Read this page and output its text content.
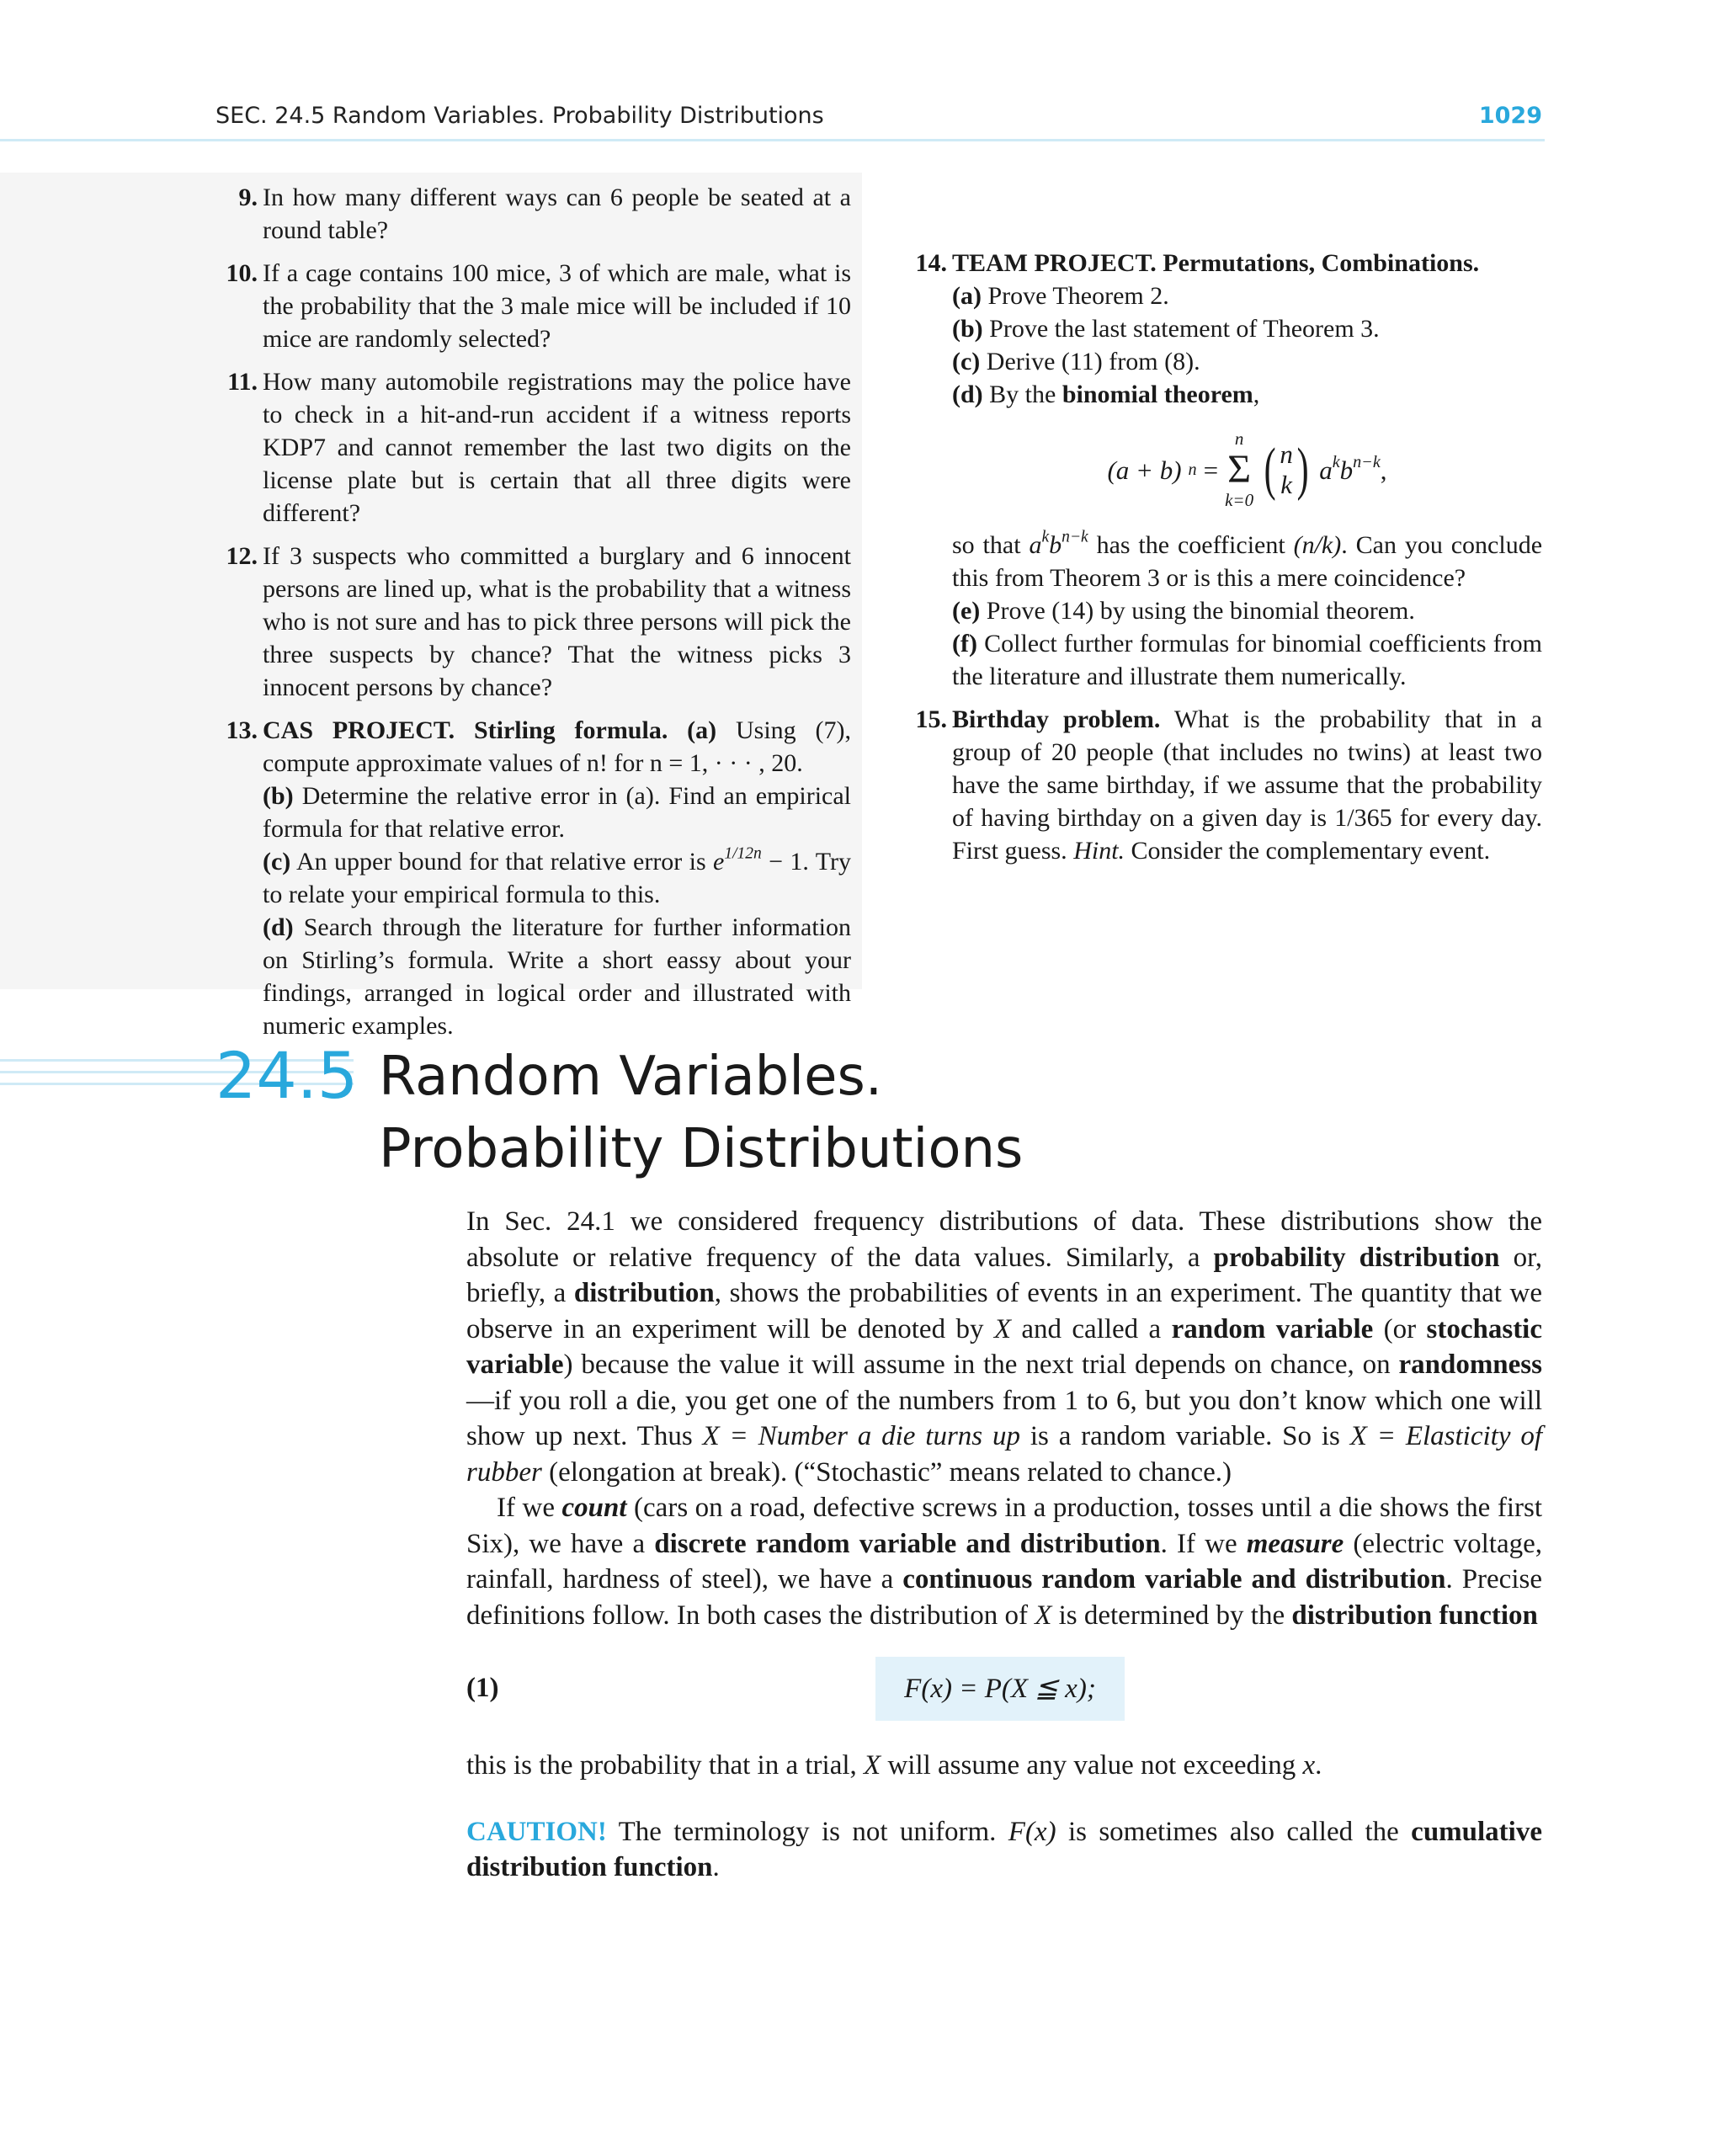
SEC. 24.5 Random Variables. Probability Distributions	1029
9. In how many different ways can 6 people be seated at a round table?
10. If a cage contains 100 mice, 3 of which are male, what is the probability that the 3 male mice will be included if 10 mice are randomly selected?
11. How many automobile registrations may the police have to check in a hit-and-run accident if a witness reports KDP7 and cannot remember the last two digits on the license plate but is certain that all three digits were different?
12. If 3 suspects who committed a burglary and 6 innocent persons are lined up, what is the probability that a witness who is not sure and has to pick three persons will pick the three suspects by chance? That the witness picks 3 innocent persons by chance?
13. CAS PROJECT. Stirling formula. (a) Using (7), compute approximate values of n! for n = 1, · · · , 20.
(b) Determine the relative error in (a). Find an empirical formula for that relative error.
(c) An upper bound for that relative error is $e^{1/12n} - 1$. Try to relate your empirical formula to this.
(d) Search through the literature for further information on Stirling’s formula. Write a short eassy about your findings, arranged in logical order and illustrated with numeric examples.
14. TEAM PROJECT. Permutations, Combinations.
(a) Prove Theorem 2.
(b) Prove the last statement of Theorem 3.
(c) Derive (11) from (8).
(d) By the binomial theorem,
(a + b) n =
n
Σ
k=0 ( n
k ) $a^kb^{n-k}$,
so that $a^kb^{n-k}$ has the coefficient (n/k). Can you conclude this from Theorem 3 or is this a mere coincidence?
(e) Prove (14) by using the binomial theorem.
(f) Collect further formulas for binomial coefficients from the literature and illustrate them numerically.
15. Birthday problem. What is the probability that in a group of 20 people (that includes no twins) at least two have the same birthday, if we assume that the probability of having birthday on a given day is 1/365 for every day. First guess. Hint. Consider the complementary event.
24.5 Random Variables.
Probability Distributions

In Sec. 24.1 we considered frequency distributions of data. These distributions show the absolute or relative frequency of the data values. Similarly, a probability distribution or, briefly, a distribution, shows the probabilities of events in an experiment. The quantity that we observe in an experiment will be denoted by X and called a random variable (or stochastic variable) because the value it will assume in the next trial depends on chance, on randomness—if you roll a die, you get one of the numbers from 1 to 6, but you don’t know which one will show up next. Thus X = Number a die turns up is a random variable. So is X = Elasticity of rubber (elongation at break). (“Stochastic” means related to chance.)

If we count (cars on a road, defective screws in a production, tosses until a die shows the first Six), we have a discrete random variable and distribution. If we measure (electric voltage, rainfall, hardness of steel), we have a continuous random variable and distribution. Precise definitions follow. In both cases the distribution of X is determined by the distribution function

(1)	F(x) = P(X ≦ x);

this is the probability that in a trial, X will assume any value not exceeding x.

CAUTION! The terminology is not uniform. F(x) is sometimes also called the cumulative distribution function.
